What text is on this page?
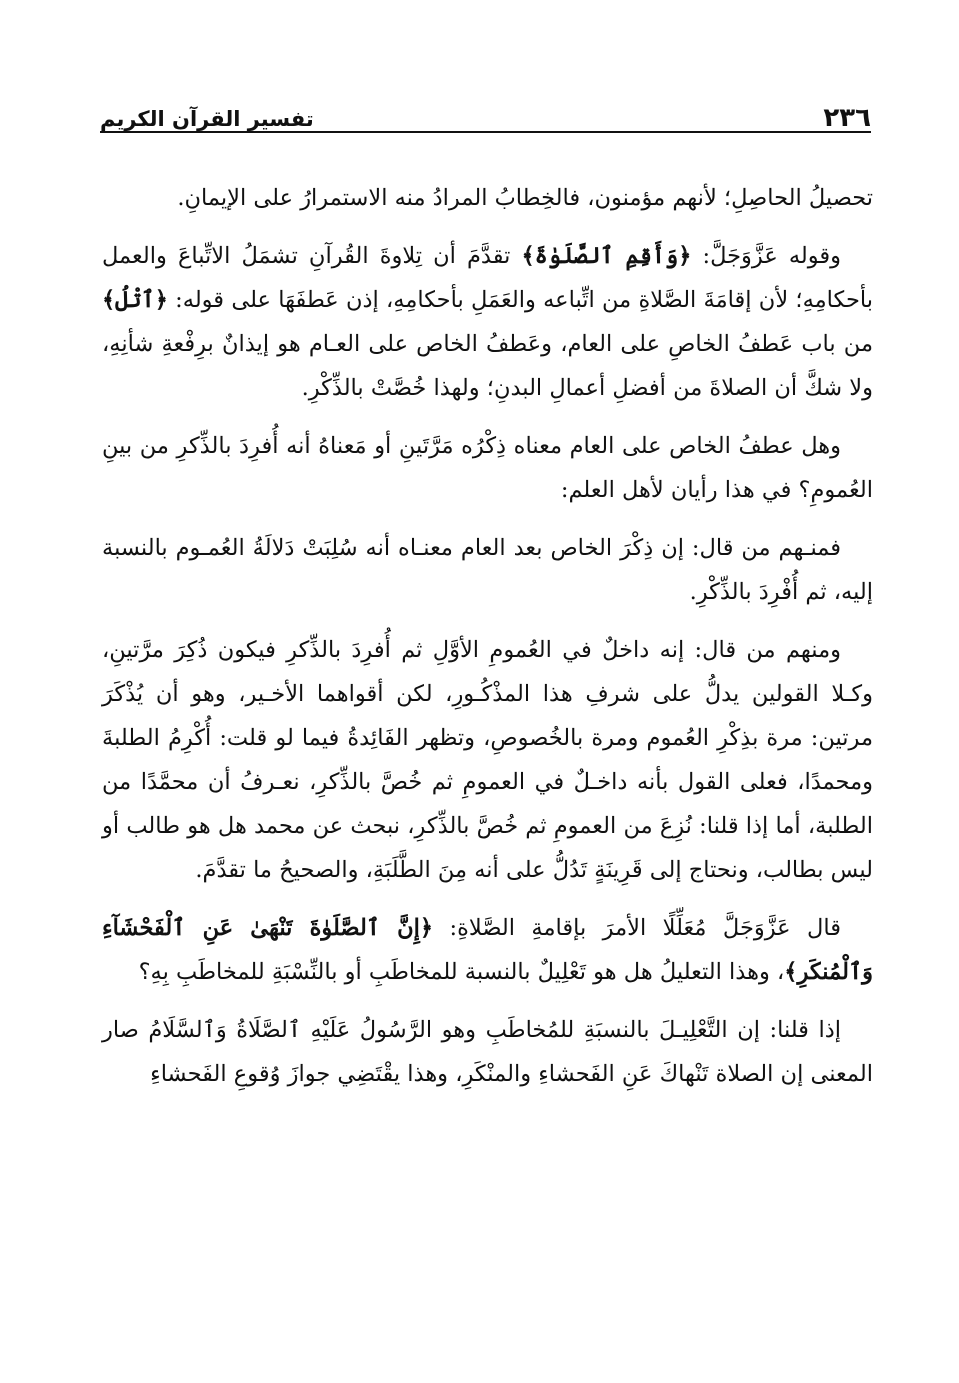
٢٣٦
تفسير القرآن الكريم

تحصيلُ الحاصِلِ؛ لأنهم مؤمنون، فالخِطابُ المرادُ منه الاستمرارُ على الإيمانِ.

وقوله عَزَّوَجَلَّ: ﴿وَأَقِمِ ٱلصَّلَوٰةَ﴾ تقدَّمَ أن تِلاوةَ القُرآنِ تشمَلُ الاتِّباعَ والعمل بأحكامِهِ؛ لأن إقامَةَ الصَّلاةِ من اتِّباعه والعَمَلِ بأحكامِهِ، إذن عَطفَهَا على قوله: ﴿ٱتْلُ﴾ من باب عَطفُ الخاصِ على العام، وعَطفُ الخاص على العـام هو إيذانٌ برِفْعةِ شأنِهِ، ولا شكَّ أن الصلاةَ من أفضلِ أعمالِ البدنِ؛ ولهذا خُصَّتْ بالذِّكْرِ.

وهل عطفُ الخاص على العام معناه ذِكْرُه مَرَّتَينِ أو مَعناهُ أنه أُفرِدَ بالذِّكرِ من بينِ العُمومِ؟ في هذا رأيان لأهل العلم:

فمنـهم من قال: إن ذِكْرَ الخاص بعد العام معنـاه أنه سُلِبَتْ دَلالَةُ العُمـوم بالنسبة إليه، ثم أُفْرِدَ بالذِّكْرِ.

ومنهم من قال: إنه داخلٌ في العُمومِ الأوَّلِ ثم أُفرِدَ بالذِّكرِ فيكون ذُكِرَ مرَّتينِ، وكـلا القولين يدلُّ على شرفِ هذا المذْكُـورِ، لكن أقواهما الأخـير، وهو أن يُذْكَرَ مرتين: مرة بذِكْرِ العُموم ومرة بالخُصوصِ، وتظهر الفَائِدةُ فيما لو قلت: أُكْرِمُ الطلبةَ ومحمدًا، فعلى القول بأنه داخـلٌ في العمومِ ثم خُصَّ بالذِّكرِ، نعـرفُ أن محمَّدًا من الطلبة، أما إذا قلنا: نُزِعَ من العمومِ ثم خُصَّ بالذِّكرِ، نبحث عن محمد هل هو طالب أو ليس بطالب، ونحتاج إلى قَرِينَةٍ تَدُلُّ على أنه مِنَ الطَّلَبَةِ، والصحيحُ ما تقدَّمَ.

قال عَزَّوَجَلَّ مُعَلِّلًا الأمرَ بإقامةِ الصَّلاةِ: ﴿إِنَّ ٱلصَّلَوٰةَ تَنْهَىٰ عَنِ ٱلْفَحْشَآءِ وَٱلْمُنكَرِ﴾، وهذا التعليلُ هل هو تَعْلِيلٌ بالنسبة للمخاطَبِ أو بالنِّسْبَةِ للمخاطَبِ بِهِ؟

إذا قلنا: إن التَّعْلِيـلَ بالنسبَةِ للمُخاطَبِ وهو الرَّسُولُ عَلَيْهِ ٱلصَّلَاةُ وَٱلسَّلَامُ صار المعنى إن الصلاة تَنْهاكَ عَنِ الفَحشاءِ والمنْكَرِ، وهذا يقْتَضِي جوازَ وُقوعِ الفَحشاءِ
